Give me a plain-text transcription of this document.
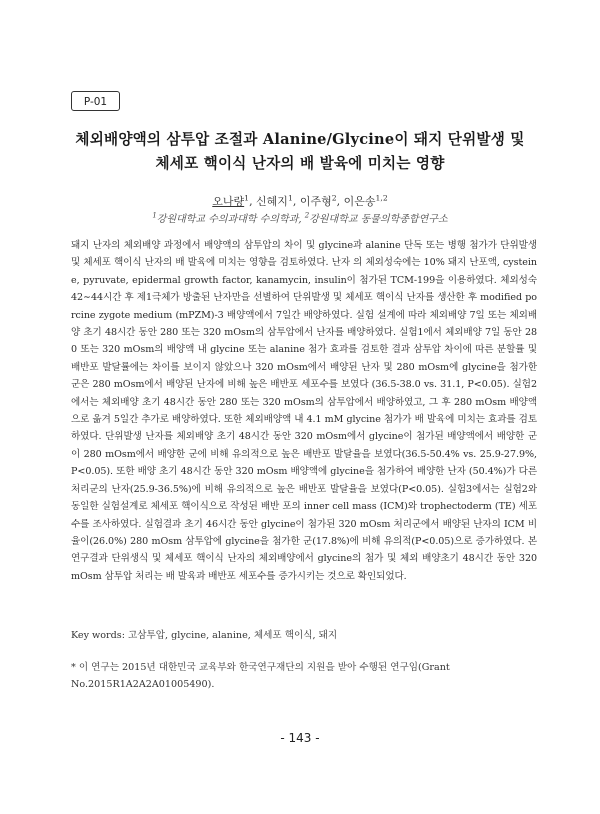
P-01
체외배양액의 삼투압 조절과 Alanine/Glycine이 돼지 단위발생 및
체세포 핵이식 난자의 배 발육에 미치는 영향
오나량$^1$, 신혜지$^1$, 이주형$^2$, 이은송$^{1,2}$
$^1$강원대학교 수의과대학 수의학과, $^2$강원대학교 동물의학종합연구소

돼지 난자의 체외배양 과정에서 배양액의 삼투압의 차이 및 glycine과 alanine 단독 또는 병행 첨가가 단위발생 및 체세포 핵이식 난자의 배 발육에 미치는 영향을 검토하였다. 난자 의 체외성숙에는 10% 돼지 난포액, cysteine, pyruvate, epidermal growth factor, kanamycin, insulin이 첨가된 TCM-199을 이용하였다. 체외성숙 42∼44시간 후 제1극체가 방출된 난자만을 선별하여 단위발생 및 체세포 핵이식 난자를 생산한 후 modified porcine zygote medium (mPZM)-3 배양액에서 7일간 배양하였다. 실험 설계에 따라 체외배양 7일 또는 체외배양 초기 48시간 동안 280 또는 320 mOsm의 삼투압에서 난자를 배양하였다. 실험1에서 체외배양 7일 동안 280 또는 320 mOsm의 배양액 내 glycine 또는 alanine 첨가 효과를 검토한 결과 삼투압 차이에 따른 분할률 및 배반포 발달률에는 차이를 보이지 않았으나 320 mOsm에서 배양된 난자 및 280 mOsm에 glycine을 첨가한 군은 280 mOsm에서 배양된 난자에 비해 높은 배반포 세포수를 보였다 (36.5-38.0 vs. 31.1, P<0.05). 실험2에서는 체외배양 초기 48시간 동안 280 또는 320 mOsm의 삼투압에서 배양하였고, 그 후 280 mOsm 배양액으로 옮겨 5일간 추가로 배양하였다. 또한 체외배양액 내 4.1 mM glycine 첨가가 배 발육에 미치는 효과를 검토하였다. 단위발생 난자를 체외배양 초기 48시간 동안 320 mOsm에서 glycine이 첨가된 배양액에서 배양한 군이 280 mOsm에서 배양한 군에 비해 유의적으로 높은 배반포 발달율을 보였다(36.5-50.4% vs. 25.9-27.9%, P<0.05). 또한 배양 초기 48시간 동안 320 mOsm 배양액에 glycine을 첨가하여 배양한 난자 (50.4%)가 다른 처리군의 난자(25.9-36.5%)에 비해 유의적으로 높은 배반포 발달율을 보였다(P<0.05). 실험3에서는 실험2와 동일한 실험설계로 체세포 핵이식으로 작성된 배반 포의 inner cell mass (ICM)와 trophectoderm (TE) 세포수를 조사하였다. 실험결과 초기 46시간 동안 glycine이 첨가된 320 mOsm 처리군에서 배양된 난자의 ICM 비율이(26.0%) 280 mOsm 삼투압에 glycine을 첨가한 군(17.8%)에 비해 유의적(P<0.05)으로 증가하였다. 본 연구결과 단위생식 및 체세포 핵이식 난자의 체외배양에서 glycine의 첨가 및 체외 배양초기 48시간 동안 320 mOsm 삼투압 처리는 배 발육과 배반포 세포수를 증가시키는 것으로 확인되었다.

Key words: 고삼투압, glycine, alanine, 체세포 핵이식, 돼지

* 이 연구는 2015년 대한민국 교육부와 한국연구재단의 지원을 받아 수행된 연구임(Grant No.2015R1A2A2A01005490).

- 143 -
